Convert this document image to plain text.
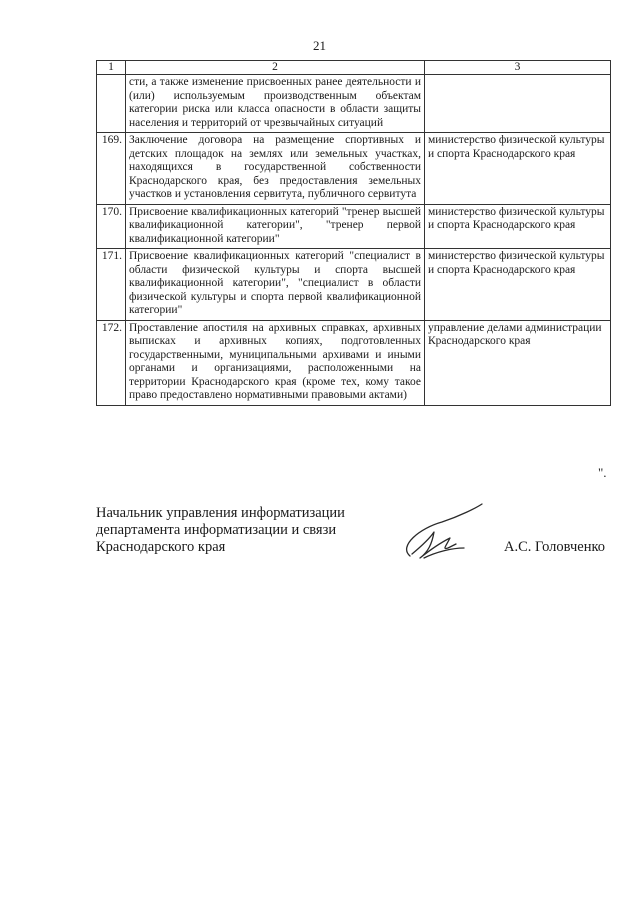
21
1	2	3
	сти, а также изменение присвоенных ранее деятельности и (или) используемым производственным объектам категории риска или класса опасности в области защиты населения и территорий от чрезвычайных ситуаций	
169.	Заключение договора на размещение спортивных и детских площадок на землях или земельных участках, находящихся в государственной собственности Краснодарского края, без предоставления земельных участков и установления сервитута, публичного сервитута	министерство физической культуры и спорта Краснодарского края
170.	Присвоение квалификационных категорий "тренер высшей квалификационной категории", "тренер первой квалификационной категории"	министерство физической культуры и спорта Краснодарского края
171.	Присвоение квалификационных категорий "специалист в области физической культуры и спорта высшей квалификационной категории", "специалист в области физической культуры и спорта первой квалификационной категории"	министерство физической культуры и спорта Краснодарского края
172.	Проставление апостиля на архивных справках, архивных выписках и архивных копиях, подготовленных государственными, муниципальными архивами и иными органами и организациями, расположенными на территории Краснодарского края (кроме тех, кому такое право предоставлено нормативными правовыми актами)	управление делами администрации Краснодарского края
".
Начальник управления информатизации
департамента информатизации и связи
Краснодарского края	А.С. Головченко
